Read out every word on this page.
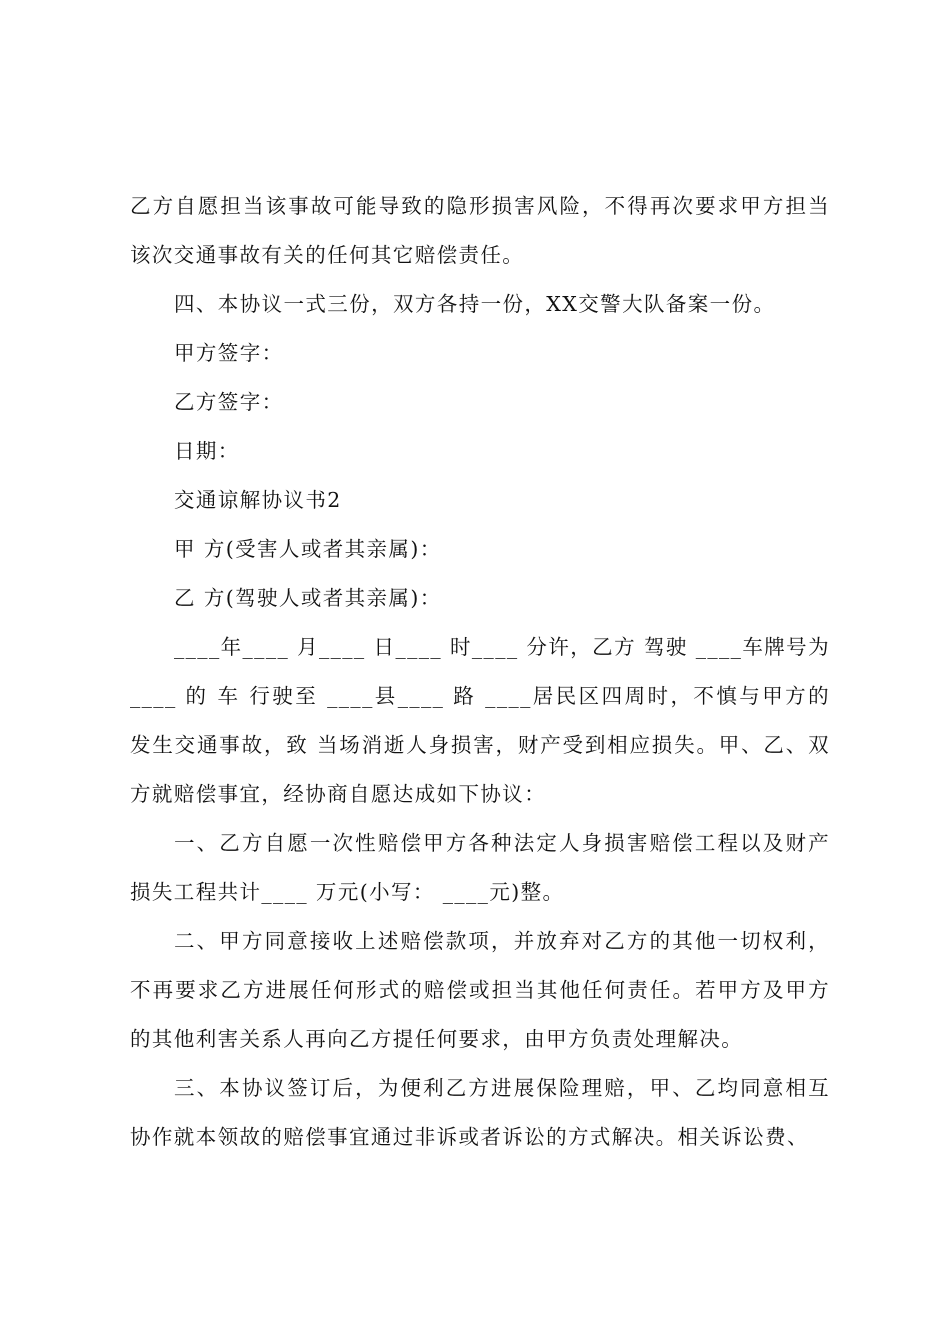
乙方自愿担当该事故可能导致的隐形损害风险，不得再次要求甲方担当该次交通事故有关的任何其它赔偿责任。

四、本协议一式三份，双方各持一份，XX交警大队备案一份。

甲方签字：

乙方签字：

日期：

交通谅解协议书2

甲 方(受害人或者其亲属)：

乙 方(驾驶人或者其亲属)：

____年____ 月____ 日____ 时____ 分许，乙方 驾驶 ____车牌号为____ 的 车 行驶至 ____县____ 路 ____居民区四周时，不慎与甲方的 发生交通事故，致 当场消逝人身损害，财产受到相应损失。甲、乙、双方就赔偿事宜，经协商自愿达成如下协议：

一、乙方自愿一次性赔偿甲方各种法定人身损害赔偿工程以及财产损失工程共计____ 万元(小写： ____元)整。

二、甲方同意接收上述赔偿款项，并放弃对乙方的其他一切权利，不再要求乙方进展任何形式的赔偿或担当其他任何责任。若甲方及甲方的其他利害关系人再向乙方提任何要求，由甲方负责处理解决。

三、本协议签订后，为便利乙方进展保险理赔，甲、乙均同意相互协作就本领故的赔偿事宜通过非诉或者诉讼的方式解决。相关诉讼费、
